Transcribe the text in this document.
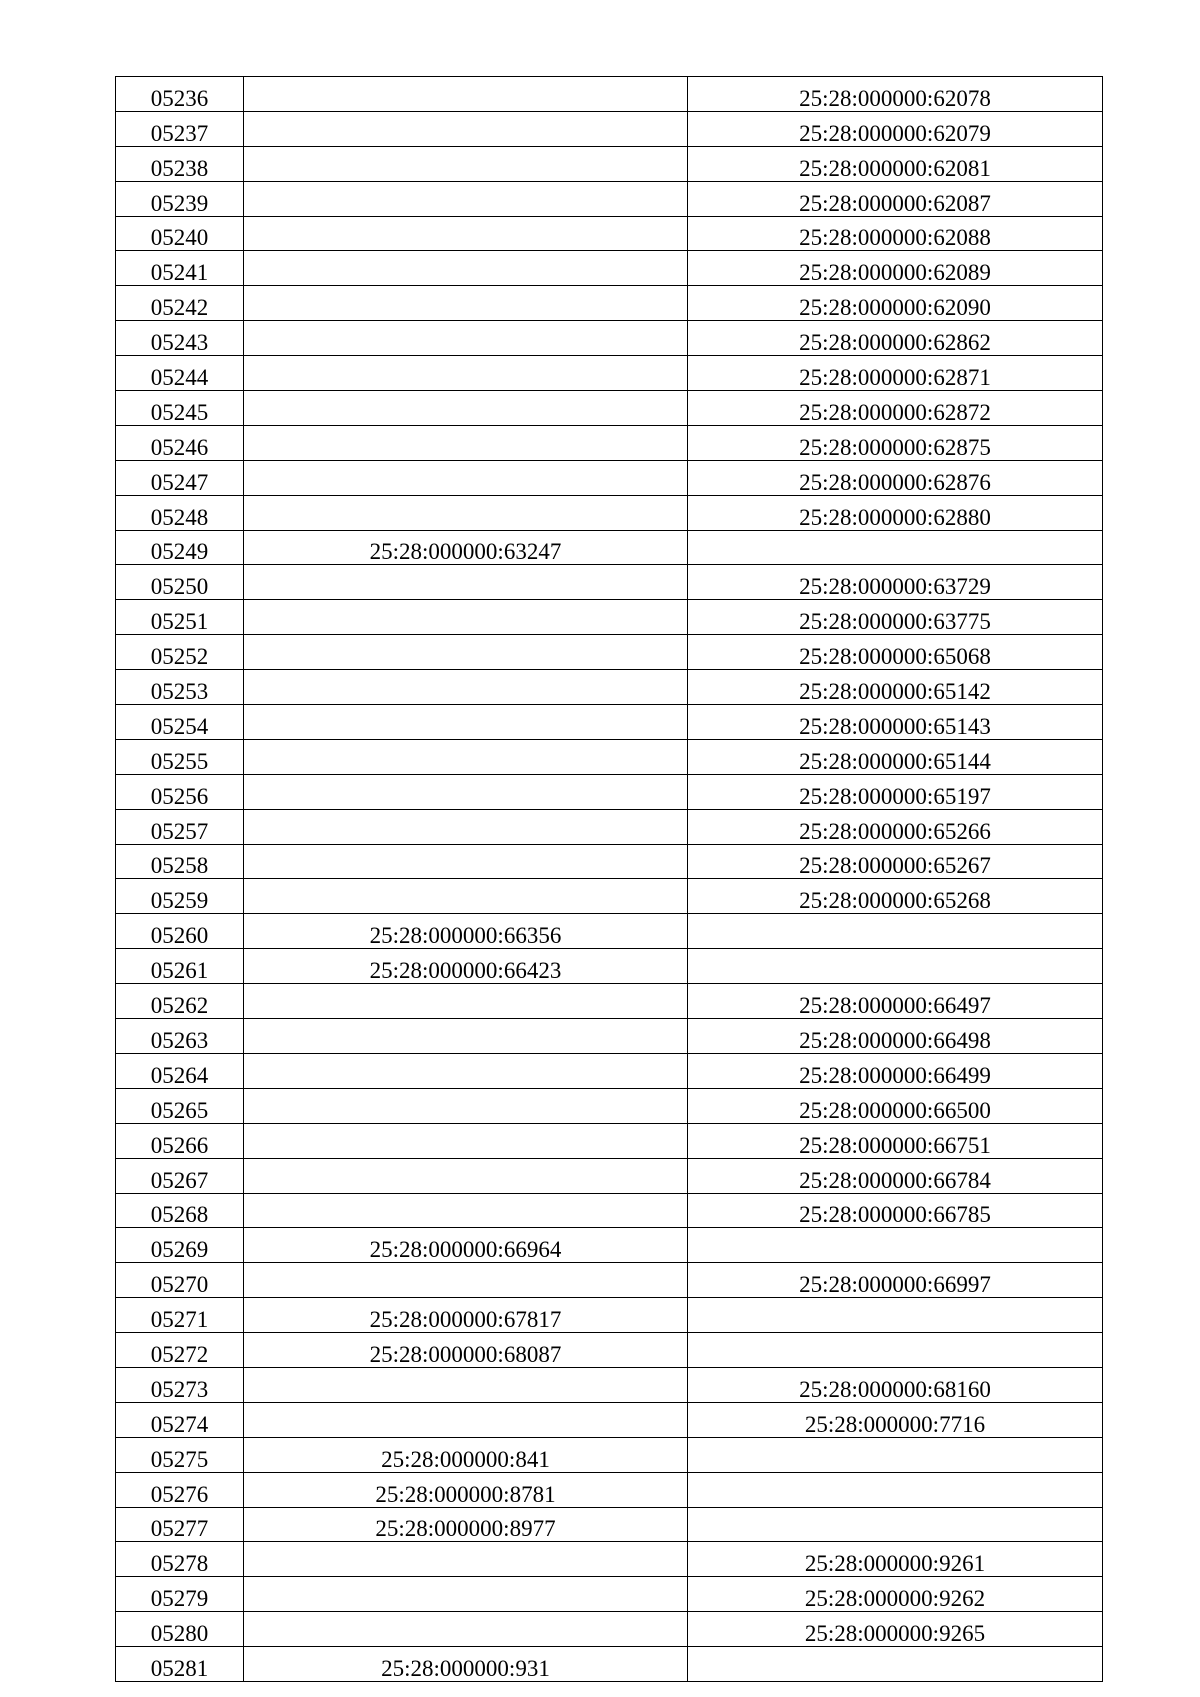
05236		25:28:000000:62078
05237		25:28:000000:62079
05238		25:28:000000:62081
05239		25:28:000000:62087
05240		25:28:000000:62088
05241		25:28:000000:62089
05242		25:28:000000:62090
05243		25:28:000000:62862
05244		25:28:000000:62871
05245		25:28:000000:62872
05246		25:28:000000:62875
05247		25:28:000000:62876
05248		25:28:000000:62880
05249	25:28:000000:63247	
05250		25:28:000000:63729
05251		25:28:000000:63775
05252		25:28:000000:65068
05253		25:28:000000:65142
05254		25:28:000000:65143
05255		25:28:000000:65144
05256		25:28:000000:65197
05257		25:28:000000:65266
05258		25:28:000000:65267
05259		25:28:000000:65268
05260	25:28:000000:66356	
05261	25:28:000000:66423	
05262		25:28:000000:66497
05263		25:28:000000:66498
05264		25:28:000000:66499
05265		25:28:000000:66500
05266		25:28:000000:66751
05267		25:28:000000:66784
05268		25:28:000000:66785
05269	25:28:000000:66964	
05270		25:28:000000:66997
05271	25:28:000000:67817	
05272	25:28:000000:68087	
05273		25:28:000000:68160
05274		25:28:000000:7716
05275	25:28:000000:841	
05276	25:28:000000:8781	
05277	25:28:000000:8977	
05278		25:28:000000:9261
05279		25:28:000000:9262
05280		25:28:000000:9265
05281	25:28:000000:931	
